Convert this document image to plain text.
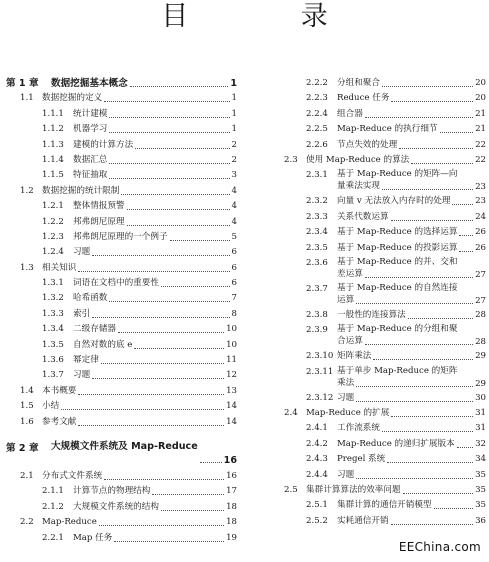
目 录
第 1 章 数据挖掘基本概念	1
1.1 数据挖掘的定义	1
1.1.1 统计建模	1
1.1.2 机器学习	1
1.1.3 建模的计算方法	2
1.1.4 数据汇总	2
1.1.5 特征抽取	3
1.2 数据挖掘的统计限制	4
1.2.1 整体情报预警	4
1.2.2 邦弗朗尼原理	4
1.2.3 邦弗朗尼原理的一个例子	5
1.2.4 习题	6
1.3 相关知识	6
1.3.1 词语在文档中的重要性	6
1.3.2 哈希函数	7
1.3.3 索引	8
1.3.4 二级存储器	10
1.3.5 自然对数的底 e	10
1.3.6 幂定律	11
1.3.7 习题	12
1.4 本书概要	13
1.5 小结	14
1.6 参考文献	14
第 2 章 大规模文件系统及 Map-Reduce
16
2.1 分布式文件系统	16
2.1.1 计算节点的物理结构	17
2.1.2 大规模文件系统的结构	18
2.2 Map-Reduce	18
2.2.1 Map 任务	19
2.2.2 分组和聚合	20
2.2.3 Reduce 任务	20
2.2.4 组合器	21
2.2.5 Map-Reduce 的执行细节	21
2.2.6 节点失效的处理	22
2.3 使用 Map-Reduce 的算法	22
2.3.1 基于 Map-Reduce 的矩阵—向量乘法实现	23
2.3.2 向量 v 无法放入内存时的处理	23
2.3.3 关系代数运算	24
2.3.4 基于 Map-Reduce 的选择运算 26
2.3.5 基于 Map-Reduce 的投影运算 26
2.3.6 基于 Map-Reduce 的并、交和差运算	27
2.3.7 基于 Map-Reduce 的自然连接运算	27
2.3.8 一般性的连接算法	28
2.3.9 基于 Map-Reduce 的分组和聚合运算	28
2.3.10 矩阵乘法	29
2.3.11 基于单步 Map-Reduce 的矩阵乘法	29
2.3.12 习题	30
2.4 Map-Reduce 的扩展	31
2.4.1 工作流系统	31
2.4.2 Map-Reduce 的递归扩展版本 32
2.4.3 Pregel 系统	34
2.4.4 习题	35
2.5 集群计算算法的效率问题	35
2.5.1 集群计算的通信开销模型	35
2.5.2 实耗通信开销	36
EEChina.com
